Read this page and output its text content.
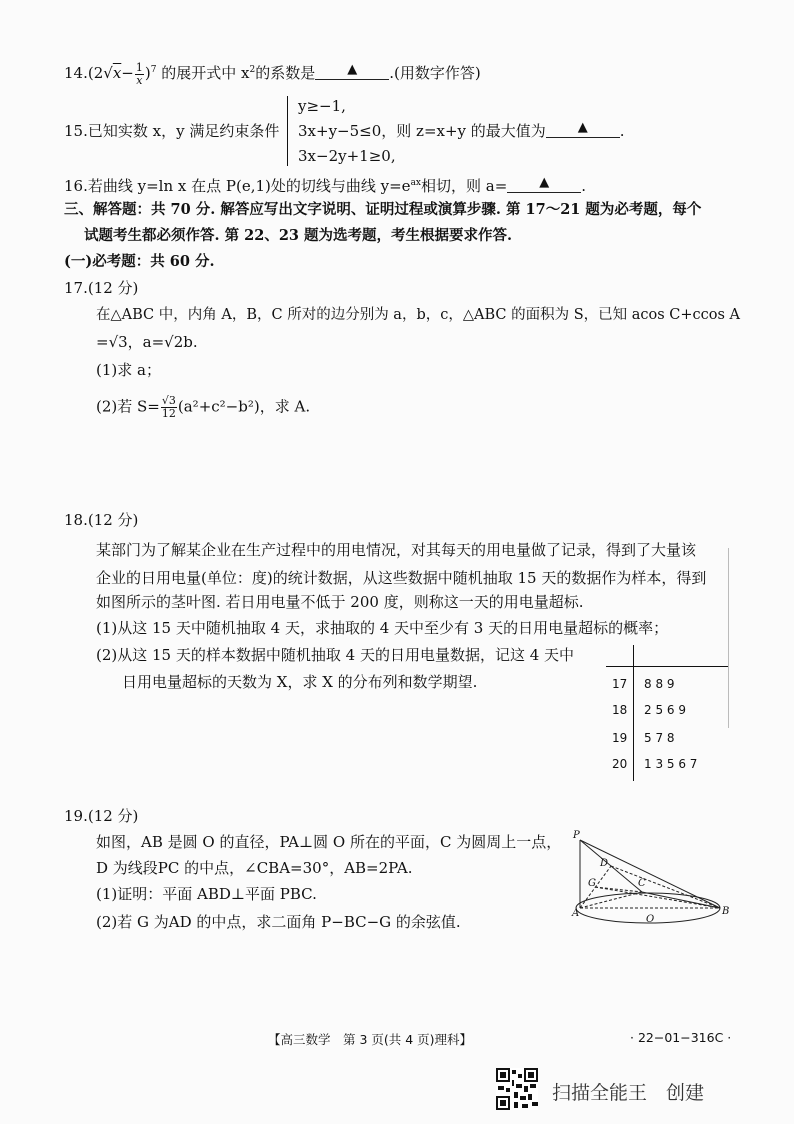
$14.(2√x- \frac{1}{x} )^7$ 的展开式中 $x^2$的系数是 ▲ .(用数字作答)
15.已知实数 x，y 满足约束条件
y≥−1,
3x+y−5≤0，则 z=x+y 的最大值为 ▲ .
3x−2y+1≥0,
16.若曲线 y=ln x 在点 P(e,1)处的切线与曲线 $y=e^{ax}$相切，则 a= ▲ .
三、解答题：共 70 分. 解答应写出文字说明、证明过程或演算步骤. 第 17～21 题为必考题，每个
试题考生都必须作答. 第 22、23 题为选考题，考生根据要求作答.
(一)必考题：共 60 分.
17.(12 分)
在△ABC 中，内角 A，B，C 所对的边分别为 a，b，c，△ABC 的面积为 S，已知 acos C+ccos A
=√3，a=√2b.
(1)求 a；
(2)若 $S= \frac{√3}{12} (a^2+c^2-b^2)$，求 A.
18.(12 分)
某部门为了解某企业在生产过程中的用电情况，对其每天的用电量做了记录，得到了大量该
企业的日用电量(单位：度)的统计数据，从这些数据中随机抽取 15 天的数据作为样本，得到
如图所示的茎叶图. 若日用电量不低于 200 度，则称这一天的用电量超标.
(1)从这 15 天中随机抽取 4 天，求抽取的 4 天中至少有 3 天的日用电量超标的概率；
(2)从这 15 天的样本数据中随机抽取 4 天的日用电量数据，记这 4 天中
日用电量超标的天数为 X，求 X 的分布列和数学期望.	17 8 8 9
18 2 5 6 9
19 5 7 8
20 1 3 5 6 7
19.(12 分)
如图，AB 是圆 O 的直径，PA⊥圆 O 所在的平面，C 为圆周上一点，
D 为线段PC 的中点，∠CBA=30°，AB=2PA.
(1)证明：平面 ABD⊥平面 PBC.
(2)若 G 为AD 的中点，求二面角 P−BC−G 的余弦值.
P
D
G	C
A
O
B
【高三数学　第 3 页(共 4 页)理科】	· 22−01−316C ·
扫描全能王　创建
